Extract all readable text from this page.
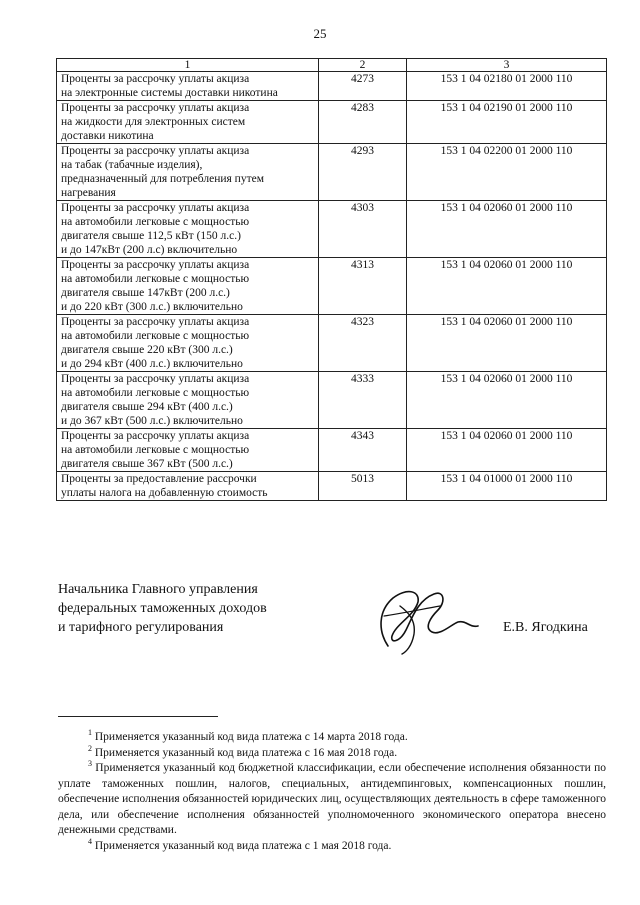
25
1	2	3
Проценты за рассрочку уплаты акциза
на электронные системы доставки никотина	4273	153 1 04 02180 01 2000 110
Проценты за рассрочку уплаты акциза
на жидкости для электронных систем
доставки никотина	4283	153 1 04 02190 01 2000 110
Проценты за рассрочку уплаты акциза
на табак (табачные изделия),
предназначенный для потребления путем
нагревания	4293	153 1 04 02200 01 2000 110
Проценты за рассрочку уплаты акциза
на автомобили легковые с мощностью
двигателя свыше 112,5 кВт (150 л.с.)
и до 147кВт (200 л.с) включительно	4303	153 1 04 02060 01 2000 110
Проценты за рассрочку уплаты акциза
на автомобили легковые с мощностью
двигателя свыше 147кВт (200 л.с.)
и до 220 кВт (300 л.с.) включительно	4313	153 1 04 02060 01 2000 110
Проценты за рассрочку уплаты акциза
на автомобили легковые с мощностью
двигателя свыше 220 кВт (300 л.с.)
и до 294 кВт (400 л.с.) включительно	4323	153 1 04 02060 01 2000 110
Проценты за рассрочку уплаты акциза
на автомобили легковые с мощностью
двигателя свыше 294 кВт (400 л.с.)
и до 367 кВт (500 л.с.) включительно	4333	153 1 04 02060 01 2000 110
Проценты за рассрочку уплаты акциза
на автомобили легковые с мощностью
двигателя свыше 367 кВт (500 л.с.)	4343	153 1 04 02060 01 2000 110
Проценты за предоставление рассрочки
уплаты налога на добавленную стоимость	5013	153 1 04 01000 01 2000 110
Начальника Главного управления
федеральных таможенных доходов
и тарифного регулирования	Е.В. Ягодкина

$^1$ Применяется указанный код вида платежа с 14 марта 2018 года.

$^2$ Применяется указанный код вида платежа с 16 мая 2018 года.

$^3$ Применяется указанный код бюджетной классификации, если обеспечение исполнения обязанности по уплате таможенных пошлин, налогов, специальных, антидемпинговых, компенсационных пошлин, обеспечение исполнения обязанностей юридических лиц, осуществляющих деятельность в сфере таможенного дела, или обеспечение исполнения обязанностей уполномоченного экономического оператора внесено денежными средствами.

$^4$ Применяется указанный код вида платежа с 1 мая 2018 года.
